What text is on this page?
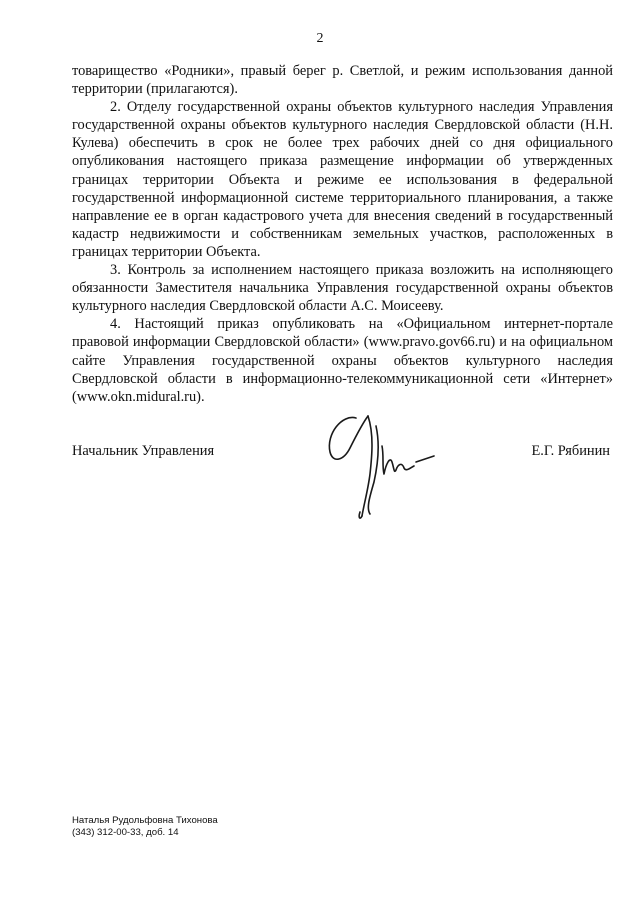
2

товарищество «Родники», правый берег р. Светлой, и режим использования данной территории (прилагаются).

2. Отделу государственной охраны объектов культурного наследия Управления государственной охраны объектов культурного наследия Свердловской области (Н.Н. Кулева) обеспечить в срок не более трех рабочих дней со дня официального опубликования настоящего приказа размещение информации об утвержденных границах территории Объекта и режиме ее использования в федеральной государственной информационной системе территориального планирования, а также направление ее в орган кадастрового учета для внесения сведений в государственный кадастр недвижимости и собственникам земельных участков, расположенных в границах территории Объекта.

3. Контроль за исполнением настоящего приказа возложить на исполняющего обязанности Заместителя начальника Управления государственной охраны объектов культурного наследия Свердловской области А.С. Моисееву.

4. Настоящий приказ опубликовать на «Официальном интернет-портале правовой информации Свердловской области» (www.pravo.gov66.ru) и на официальном сайте Управления государственной охраны объектов культурного наследия Свердловской области в информационно-телекоммуникационной сети «Интернет» (www.okn.midural.ru).

Начальник Управления	Е.Г. Рябинин
Наталья Рудольфовна Тихонова
(343) 312-00-33, доб. 14
